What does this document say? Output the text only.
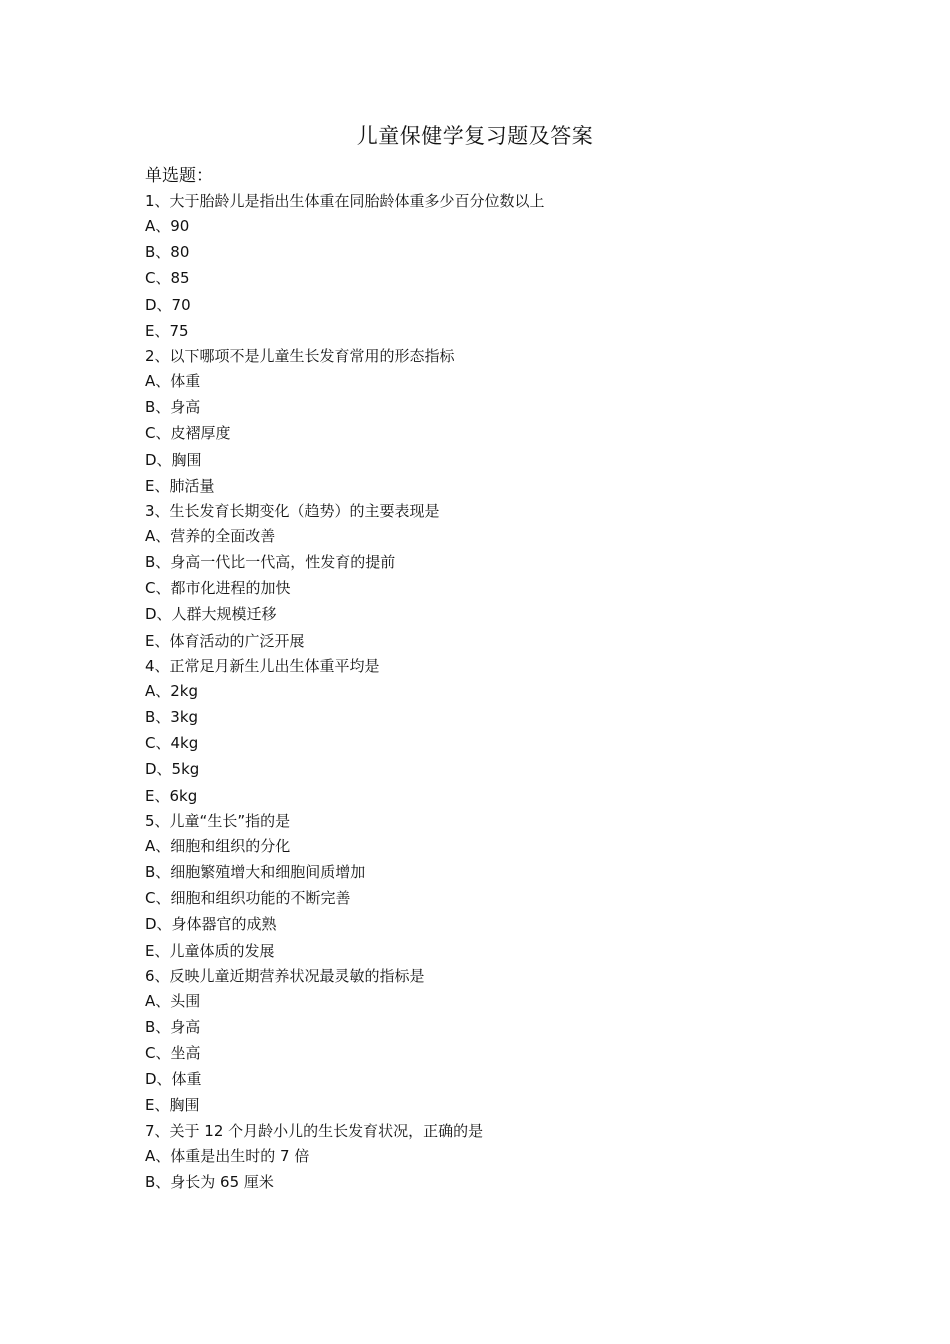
儿童保健学复习题及答案
单选题：
1、大于胎龄儿是指出生体重在同胎龄体重多少百分位数以上
A、90
B、80
C、85
D、70
E、75
2、以下哪项不是儿童生长发育常用的形态指标
A、体重
B、身高
C、皮褶厚度
D、胸围
E、肺活量
3、生长发育长期变化（趋势）的主要表现是
A、营养的全面改善
B、身高一代比一代高，性发育的提前
C、都市化进程的加快
D、人群大规模迁移
E、体育活动的广泛开展
4、正常足月新生儿出生体重平均是
A、2kg
B、3kg
C、4kg
D、5kg
E、6kg
5、儿童“生长”指的是
A、细胞和组织的分化
B、细胞繁殖增大和细胞间质增加
C、细胞和组织功能的不断完善
D、身体器官的成熟
E、儿童体质的发展
6、反映儿童近期营养状况最灵敏的指标是
A、头围
B、身高
C、坐高
D、体重
E、胸围
7、关于 12 个月龄小儿的生长发育状况，正确的是
A、体重是出生时的 7 倍
B、身长为 65 厘米
